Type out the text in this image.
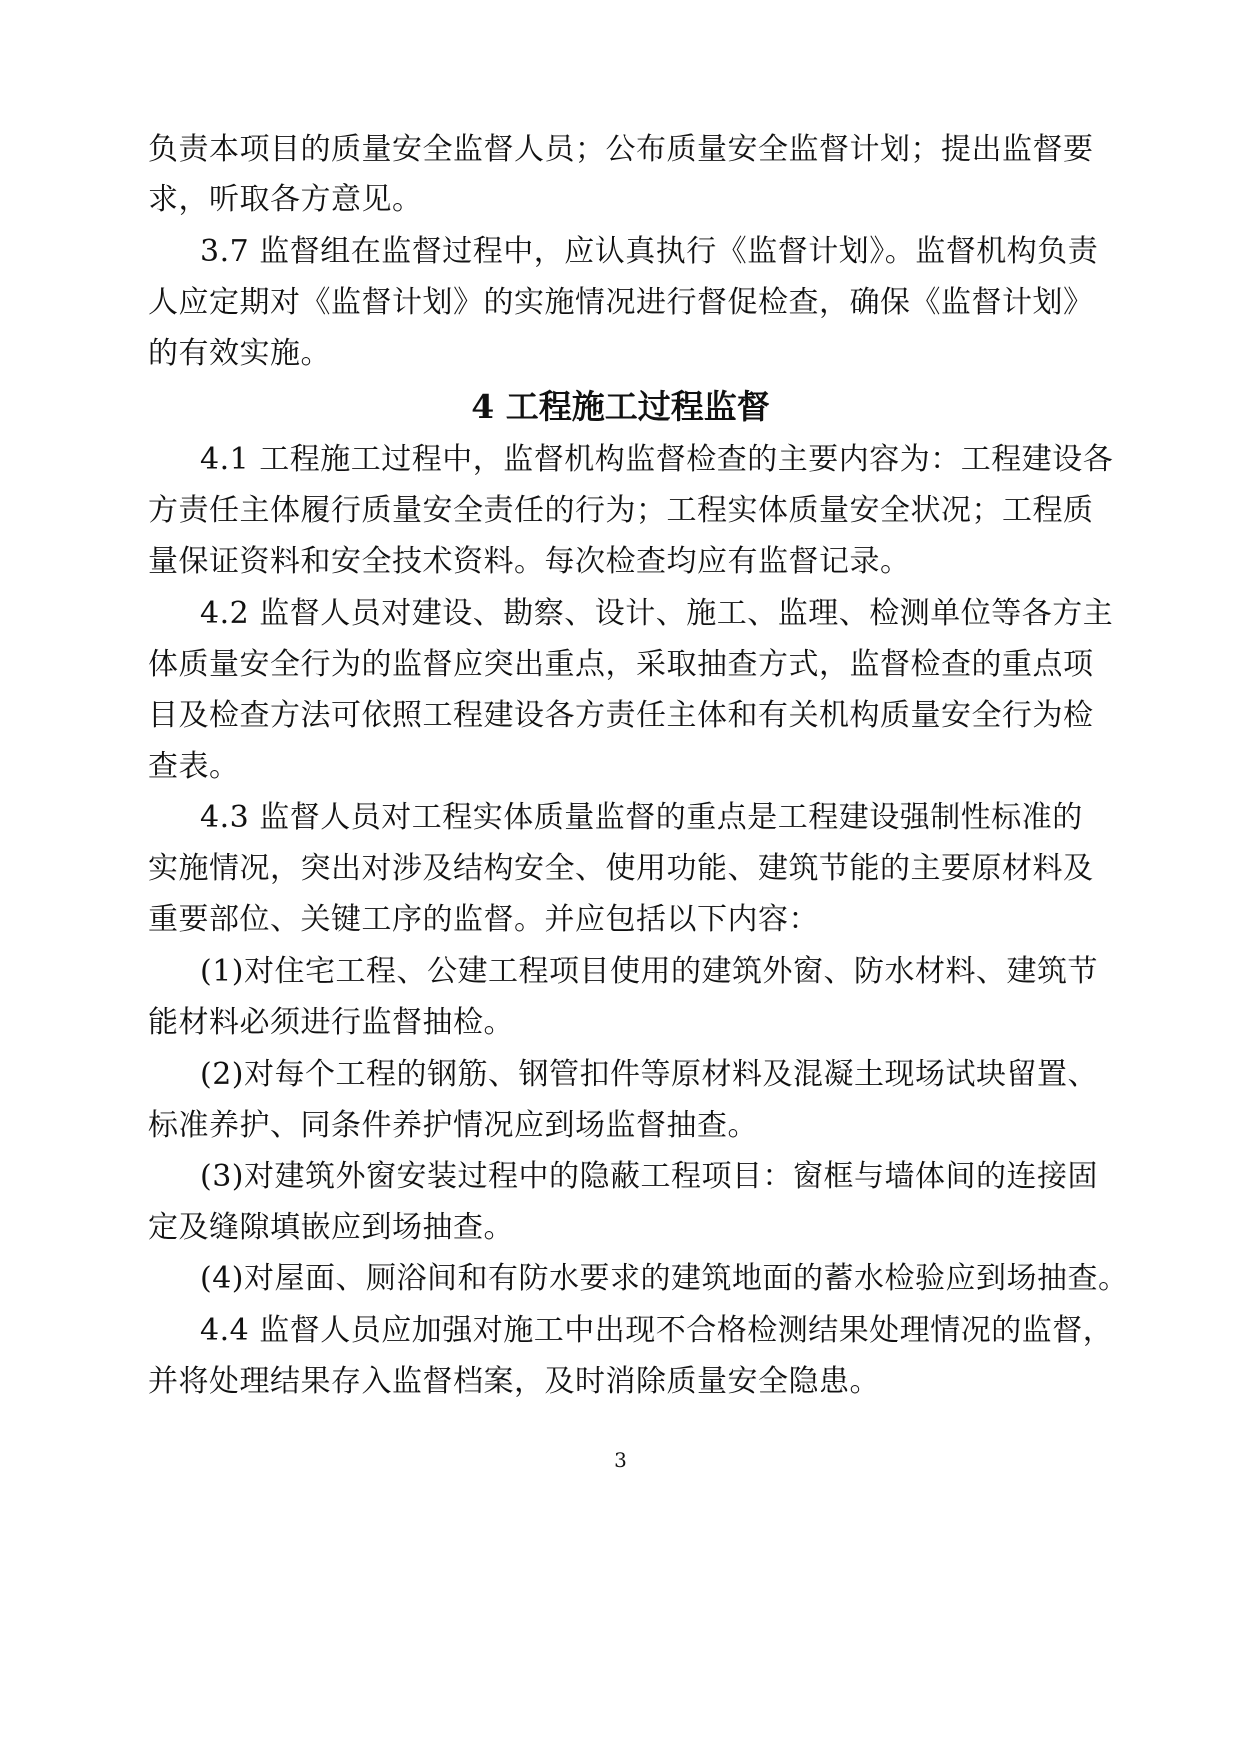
负责本项目的质量安全监督人员；公布质量安全监督计划；提出监督要
求，听取各方意见。
3.7 监督组在监督过程中，应认真执行《监督计划》。监督机构负责
人应定期对《监督计划》的实施情况进行督促检查，确保《监督计划》
的有效实施。
4 工程施工过程监督
4.1 工程施工过程中，监督机构监督检查的主要内容为：工程建设各
方责任主体履行质量安全责任的行为；工程实体质量安全状况；工程质
量保证资料和安全技术资料。每次检查均应有监督记录。
4.2 监督人员对建设、勘察、设计、施工、监理、检测单位等各方主
体质量安全行为的监督应突出重点，采取抽查方式，监督检查的重点项
目及检查方法可依照工程建设各方责任主体和有关机构质量安全行为检
查表。
4.3 监督人员对工程实体质量监督的重点是工程建设强制性标准的
实施情况，突出对涉及结构安全、使用功能、建筑节能的主要原材料及
重要部位、关键工序的监督。并应包括以下内容：
(1)对住宅工程、公建工程项目使用的建筑外窗、防水材料、建筑节
能材料必须进行监督抽检。
(2)对每个工程的钢筋、钢管扣件等原材料及混凝土现场试块留置、
标准养护、同条件养护情况应到场监督抽查。
(3)对建筑外窗安装过程中的隐蔽工程项目：窗框与墙体间的连接固
定及缝隙填嵌应到场抽查。
(4)对屋面、厕浴间和有防水要求的建筑地面的蓄水检验应到场抽查。
4.4 监督人员应加强对施工中出现不合格检测结果处理情况的监督，
并将处理结果存入监督档案，及时消除质量安全隐患。
3
